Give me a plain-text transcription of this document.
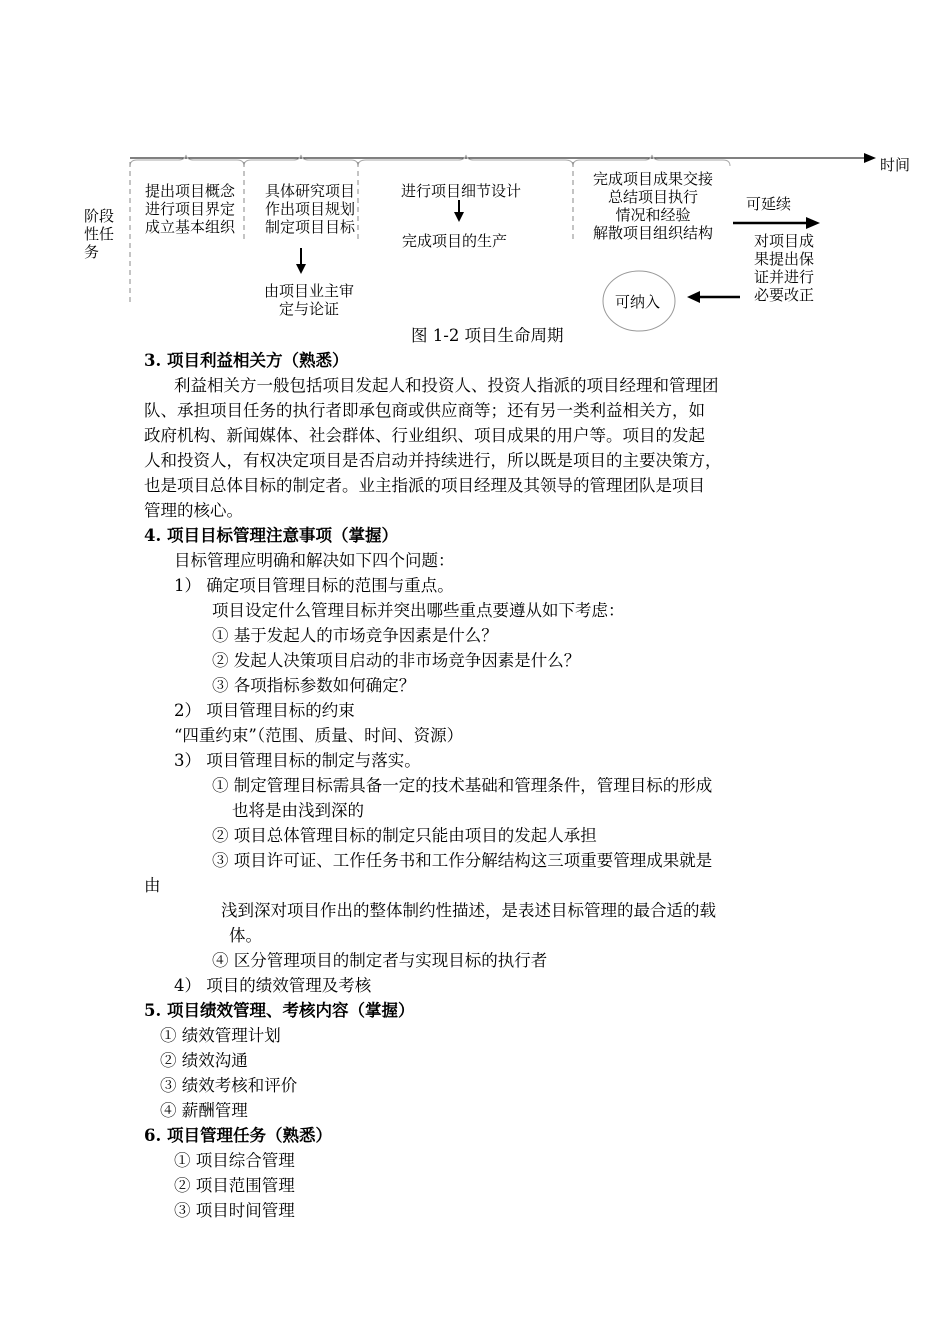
时间
阶段
性任
务
提出项目概念
进行项目界定
成立基本组织
具体研究项目
作出项目规划
制定项目目标
由项目业主审
定与论证
进行项目细节设计
完成项目的生产
完成项目成果交接
总结项目执行
情况和经验
解散项目组织结构
可延续
对项目成
果提出保
证并进行
必要改正
可纳入
图 1-2 项目生命周期
3. 项目利益相关方（熟悉）
利益相关方一般包括项目发起人和投资人、投资人指派的项目经理和管理团
队、承担项目任务的执行者即承包商或供应商等；还有另一类利益相关方，如
政府机构、新闻媒体、社会群体、行业组织、项目成果的用户等。项目的发起
人和投资人，有权决定项目是否启动并持续进行，所以既是项目的主要决策方，
也是项目总体目标的制定者。业主指派的项目经理及其领导的管理团队是项目
管理的核心。
4. 项目目标管理注意事项（掌握）
目标管理应明确和解决如下四个问题：
1） 确定项目管理目标的范围与重点。
项目设定什么管理目标并突出哪些重点要遵从如下考虑：
① 基于发起人的市场竞争因素是什么？
② 发起人决策项目启动的非市场竞争因素是什么？
③ 各项指标参数如何确定？
2） 项目管理目标的约束
“四重约束”（范围、质量、时间、资源）
3） 项目管理目标的制定与落实。
① 制定管理目标需具备一定的技术基础和管理条件，管理目标的形成
也将是由浅到深的
② 项目总体管理目标的制定只能由项目的发起人承担
③ 项目许可证、工作任务书和工作分解结构这三项重要管理成果就是
由
浅到深对项目作出的整体制约性描述，是表述目标管理的最合适的载
体。
④ 区分管理项目的制定者与实现目标的执行者
4） 项目的绩效管理及考核
5. 项目绩效管理、考核内容（掌握）
① 绩效管理计划
② 绩效沟通
③ 绩效考核和评价
④ 薪酬管理
6. 项目管理任务（熟悉）
① 项目综合管理
② 项目范围管理
③ 项目时间管理
